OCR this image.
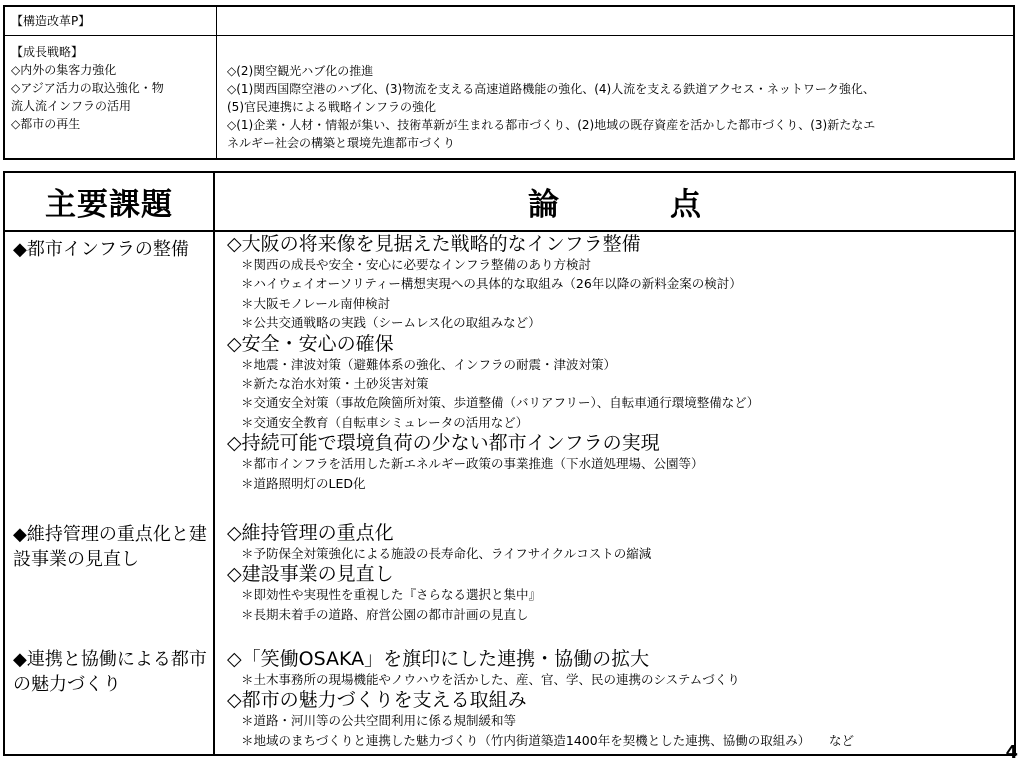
【構造改革P】
【成長戦略】
◇内外の集客力強化
◇アジア活力の取込強化・物
流人流インフラの活用
◇都市の再生
◇(2)関空観光ハブ化の推進
◇(1)関西国際空港のハブ化、(3)物流を支える高速道路機能の強化、(4)人流を支える鉄道アクセス・ネットワーク強化、
(5)官民連携による戦略インフラの強化
◇(1)企業・人材・情報が集い、技術革新が生まれる都市づくり、(2)地域の既存資産を活かした都市づくり、(3)新たなエ
ネルギー社会の構築と環境先進都市づくり
主要課題	論　点
◆都市インフラの整備	◇大阪の将来像を見据えた戦略的なインフラ整備
＊関西の成長や安全・安心に必要なインフラ整備のあり方検討
＊ハイウェイオーソリティー構想実現への具体的な取組み（26年以降の新料金案の検討）
＊大阪モノレール南伸検討
＊公共交通戦略の実践（シームレス化の取組みなど）
◇安全・安心の確保
＊地震・津波対策（避難体系の強化、インフラの耐震・津波対策）
＊新たな治水対策・土砂災害対策
＊交通安全対策（事故危険箇所対策、歩道整備（バリアフリー）、自転車通行環境整備など）
＊交通安全教育（自転車シミュレータの活用など）
◇持続可能で環境負荷の少ない都市インフラの実現
＊都市インフラを活用した新エネルギー政策の事業推進（下水道処理場、公園等）
＊道路照明灯のLED化
◆維持管理の重点化と建設事業の見直し
◇維持管理の重点化
＊予防保全対策強化による施設の長寿命化、ライフサイクルコストの縮減
◇建設事業の見直し
＊即効性や実現性を重視した『さらなる選択と集中』
＊長期未着手の道路、府営公園の都市計画の見直し
◆連携と協働による都市の魅力づくり
◇「笑働OSAKA」を旗印にした連携・協働の拡大
＊土木事務所の現場機能やノウハウを活かした、産、官、学、民の連携のシステムづくり
◇都市の魅力づくりを支える取組み
＊道路・河川等の公共空間利用に係る規制緩和等
＊地域のまちづくりと連携した魅力づくり（竹内街道築造1400年を契機とした連携、協働の取組み）　　など
4
